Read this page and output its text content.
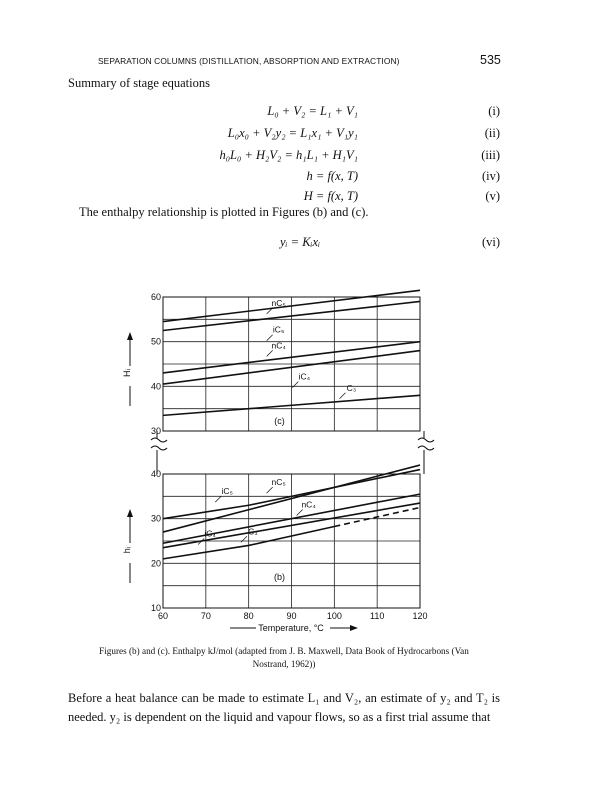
SEPARATION COLUMNS (DISTILLATION, ABSORPTION AND EXTRACTION)	535
Summary of stage equations
L₀ + V₂ = L₁ + V₁	(i)
L₀x₀ + V₂y₂ = L₁x₁ + V₁y₁	(ii)
h₀L₀ + H₂V₂ = h₁L₁ + H₁V₁	(iii)
h = f(x, T)	(iv)
H = f(x, T)	(v)
The enthalpy relationship is plotted in Figures (b) and (c).
yᵢ = Kᵢxᵢ	(vi)
30
40
50
60
nC₅
iC₅
nC₄
iC₄
C₃
(c)
Hᵢ
10
20
30
40
60	70	80	90	100	110	120
nC₅
iC₅
nC₄
iC₄	C₃
(b)
hᵢ
Temperature, °C
Figures (b) and (c). Enthalpy kJ/mol (adapted from J. B. Maxwell, Data Book of Hydrocarbons (Van
Nostrand, 1962))
Before a heat balance can be made to estimate L₁ and V₂, an estimate of y₂ and T₂ is needed. y₂ is dependent on the liquid and vapour flows, so as a first trial assume that
